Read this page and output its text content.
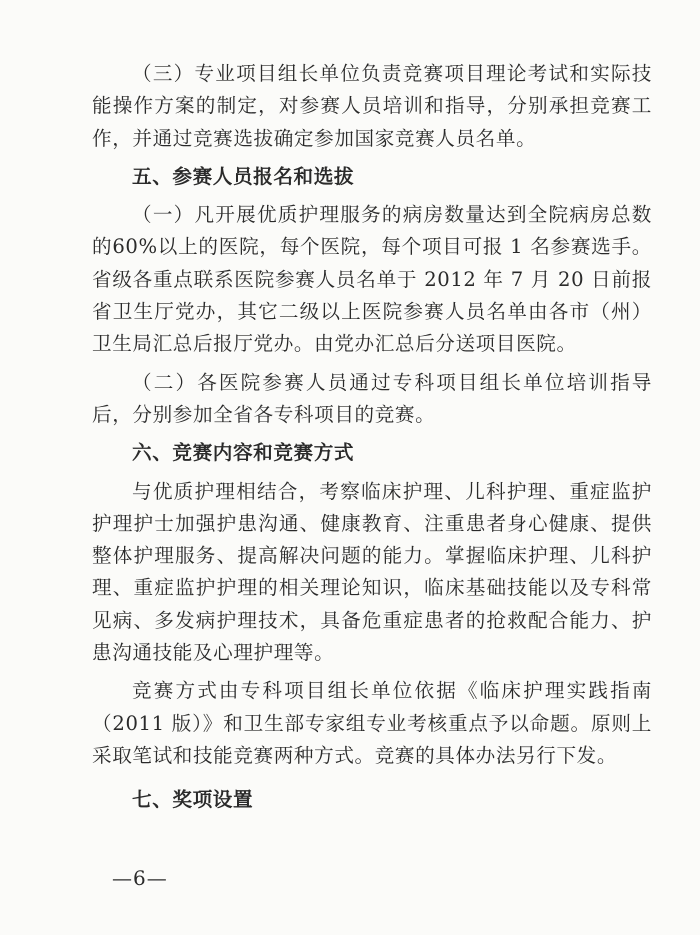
（三）专业项目组长单位负责竞赛项目理论考试和实际技能操作方案的制定，对参赛人员培训和指导，分别承担竞赛工作，并通过竞赛选拔确定参加国家竞赛人员名单。

五、参赛人员报名和选拔

（一）凡开展优质护理服务的病房数量达到全院病房总数的60%以上的医院，每个医院，每个项目可报 1 名参赛选手。省级各重点联系医院参赛人员名单于 2012 年 7 月 20 日前报省卫生厅党办，其它二级以上医院参赛人员名单由各市（州）卫生局汇总后报厅党办。由党办汇总后分送项目医院。

（二）各医院参赛人员通过专科项目组长单位培训指导后，分别参加全省各专科项目的竞赛。

六、竞赛内容和竞赛方式

与优质护理相结合，考察临床护理、儿科护理、重症监护护理护士加强护患沟通、健康教育、注重患者身心健康、提供整体护理服务、提高解决问题的能力。掌握临床护理、儿科护理、重症监护护理的相关理论知识，临床基础技能以及专科常见病、多发病护理技术，具备危重症患者的抢救配合能力、护患沟通技能及心理护理等。

竞赛方式由专科项目组长单位依据《临床护理实践指南（2011 版）》和卫生部专家组专业考核重点予以命题。原则上采取笔试和技能竞赛两种方式。竞赛的具体办法另行下发。

七、奖项设置

—6—
